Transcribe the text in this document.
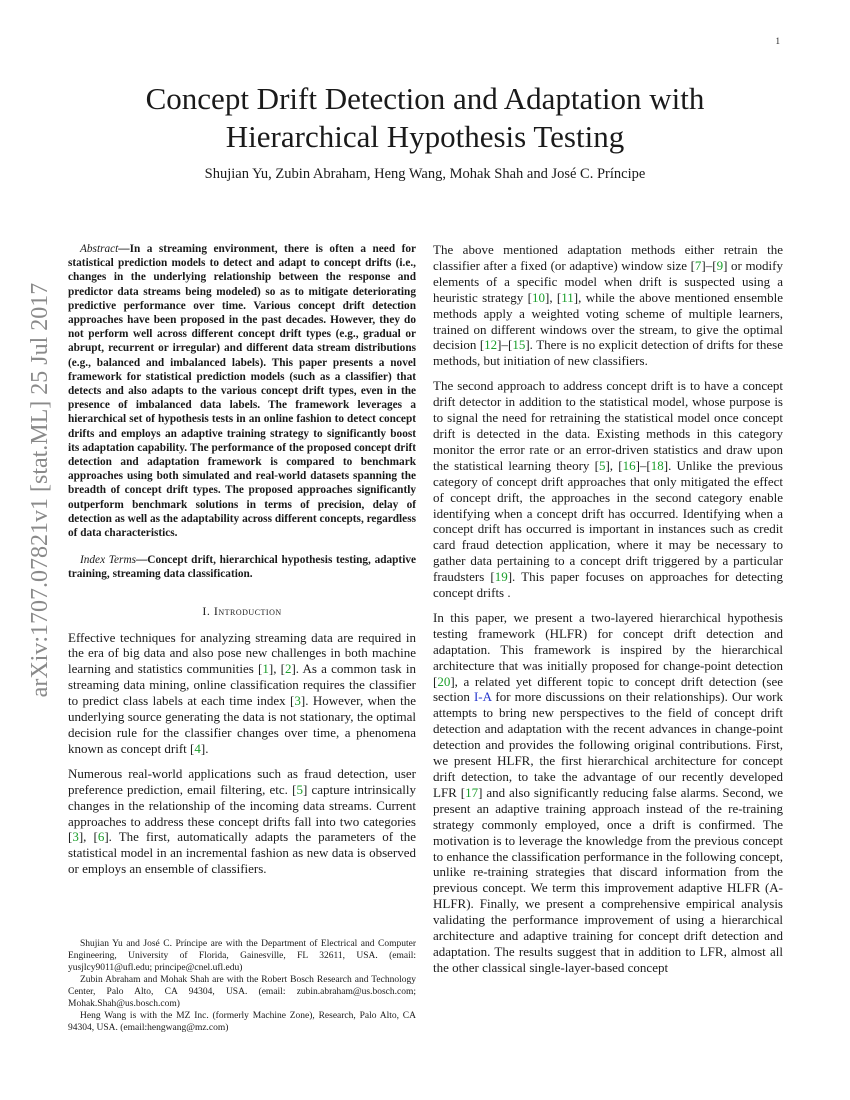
1
arXiv:1707.07821v1 [stat.ML] 25 Jul 2017
Concept Drift Detection and Adaptation with
Hierarchical Hypothesis Testing
Shujian Yu, Zubin Abraham, Heng Wang, Mohak Shah and José C. Príncipe

Abstract—In a streaming environment, there is often a need for statistical prediction models to detect and adapt to concept drifts (i.e., changes in the underlying relationship between the response and predictor data streams being modeled) so as to mitigate deteriorating predictive performance over time. Various concept drift detection approaches have been proposed in the past decades. However, they do not perform well across different concept drift types (e.g., gradual or abrupt, recurrent or irregular) and different data stream distributions (e.g., balanced and imbalanced labels). This paper presents a novel framework for statistical prediction models (such as a classifier) that detects and also adapts to the various concept drift types, even in the presence of imbalanced data labels. The framework leverages a hierarchical set of hypothesis tests in an online fashion to detect concept drifts and employs an adaptive training strategy to significantly boost its adaptation capability. The performance of the proposed concept drift detection and adaptation framework is compared to benchmark approaches using both simulated and real-world datasets spanning the breadth of concept drift types. The proposed approaches significantly outperform benchmark solutions in terms of precision, delay of detection as well as the adaptability across different concepts, regardless of data characteristics.

Index Terms—Concept drift, hierarchical hypothesis testing, adaptive training, streaming data classification.

I. Introduction

Effective techniques for analyzing streaming data are required in the era of big data and also pose new challenges in both machine learning and statistics communities [1], [2]. As a common task in streaming data mining, online classification requires the classifier to predict class labels at each time index [3]. However, when the underlying source generating the data is not stationary, the optimal decision rule for the classifier changes over time, a phenomena known as concept drift [4].

Numerous real-world applications such as fraud detection, user preference prediction, email filtering, etc. [5] capture intrinsically changes in the relationship of the incoming data streams. Current approaches to address these concept drifts fall into two categories [3], [6]. The first, automatically adapts the parameters of the statistical model in an incremental fashion as new data is observed or employs an ensemble of classifiers.

Shujian Yu and José C. Príncipe are with the Department of Electrical and Computer Engineering, University of Florida, Gainesville, FL 32611, USA. (email: yusjlcy9011@ufl.edu; principe@cnel.ufl.edu)

Zubin Abraham and Mohak Shah are with the Robert Bosch Research and Technology Center, Palo Alto, CA 94304, USA. (email: zubin.abraham@us.bosch.com; Mohak.Shah@us.bosch.com)

Heng Wang is with the MZ Inc. (formerly Machine Zone), Research, Palo Alto, CA 94304, USA. (email:hengwang@mz.com)

The above mentioned adaptation methods either retrain the classifier after a fixed (or adaptive) window size [7]–[9] or modify elements of a specific model when drift is suspected using a heuristic strategy [10], [11], while the above mentioned ensemble methods apply a weighted voting scheme of multiple learners, trained on different windows over the stream, to give the optimal decision [12]–[15]. There is no explicit detection of drifts for these methods, but initiation of new classifiers.

The second approach to address concept drift is to have a concept drift detector in addition to the statistical model, whose purpose is to signal the need for retraining the statistical model once concept drift is detected in the data. Existing methods in this category monitor the error rate or an error-driven statistics and draw upon the statistical learning theory [5], [16]–[18]. Unlike the previous category of concept drift approaches that only mitigated the effect of concept drift, the approaches in the second category enable identifying when a concept drift has occurred. Identifying when a concept drift has occurred is important in instances such as credit card fraud detection application, where it may be necessary to gather data pertaining to a concept drift triggered by a particular fraudsters [19]. This paper focuses on approaches for detecting concept drifts .

In this paper, we present a two-layered hierarchical hypothesis testing framework (HLFR) for concept drift detection and adaptation. This framework is inspired by the hierarchical architecture that was initially proposed for change-point detection [20], a related yet different topic to concept drift detection (see section I-A for more discussions on their relationships). Our work attempts to bring new perspectives to the field of concept drift detection and adaptation with the recent advances in change-point detection and provides the following original contributions. First, we present HLFR, the first hierarchical architecture for concept drift detection, to take the advantage of our recently developed LFR [17] and also significantly reducing false alarms. Second, we present an adaptive training approach instead of the re-training strategy commonly employed, once a drift is confirmed. The motivation is to leverage the knowledge from the previous concept to enhance the classification performance in the following concept, unlike re-training strategies that discard information from the previous concept. We term this improvement adaptive HLFR (A-HLFR). Finally, we present a comprehensive empirical analysis validating the performance improvement of using a hierarchical architecture and adaptive training for concept drift detection and adaptation. The results suggest that in addition to LFR, almost all the other classical single-layer-based concept
